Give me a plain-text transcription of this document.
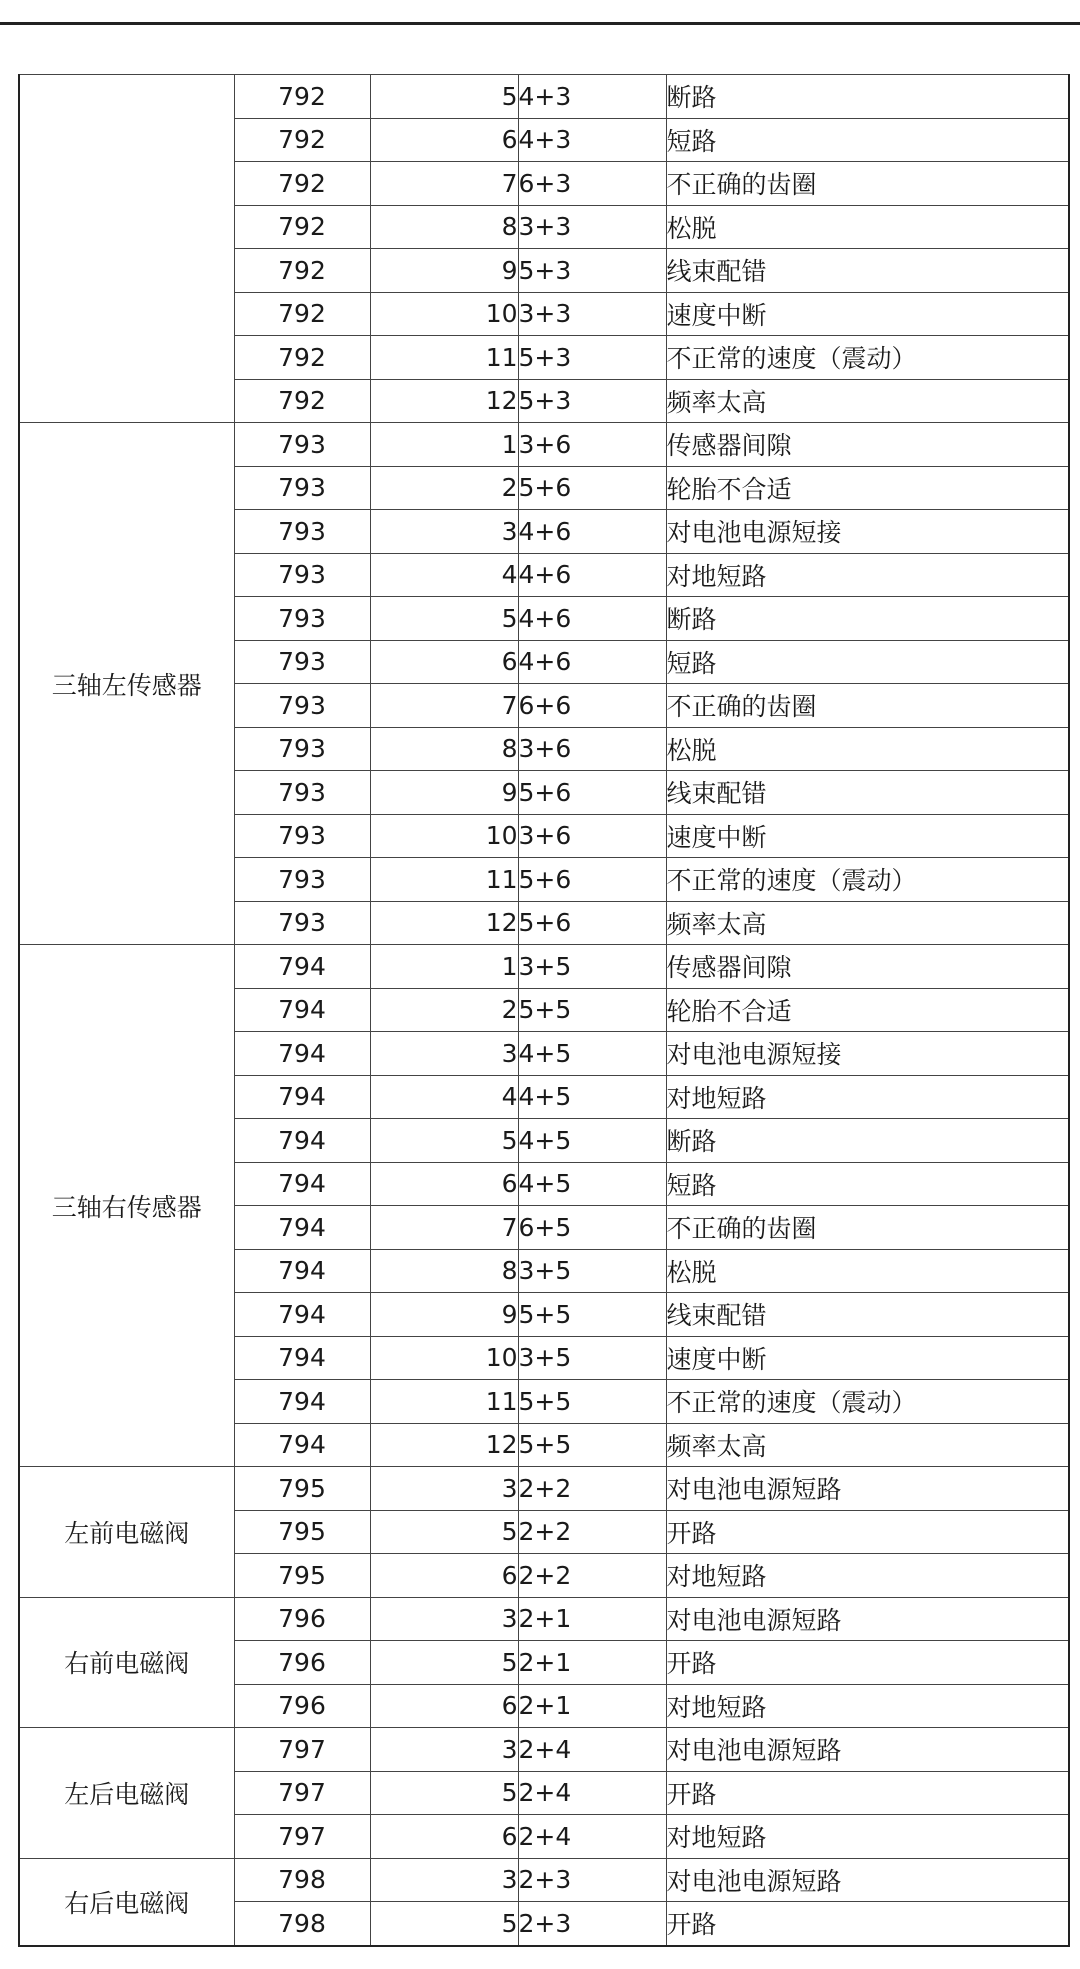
	792	5	4+3	断路
	792	6	4+3	短路
	792	7	6+3	不正确的齿圈
	792	8	3+3	松脱
	792	9	5+3	线束配错
	792	10	3+3	速度中断
	792	11	5+3	不正常的速度（震动）
	792	12	5+3	频率太高
三轴左传感器	793	1	3+6	传感器间隙
	793	2	5+6	轮胎不合适
	793	3	4+6	对电池电源短接
	793	4	4+6	对地短路
	793	5	4+6	断路
	793	6	4+6	短路
	793	7	6+6	不正确的齿圈
	793	8	3+6	松脱
	793	9	5+6	线束配错
	793	10	3+6	速度中断
	793	11	5+6	不正常的速度（震动）
	793	12	5+6	频率太高
三轴右传感器	794	1	3+5	传感器间隙
	794	2	5+5	轮胎不合适
	794	3	4+5	对电池电源短接
	794	4	4+5	对地短路
	794	5	4+5	断路
	794	6	4+5	短路
	794	7	6+5	不正确的齿圈
	794	8	3+5	松脱
	794	9	5+5	线束配错
	794	10	3+5	速度中断
	794	11	5+5	不正常的速度（震动）
	794	12	5+5	频率太高
左前电磁阀	795	3	2+2	对电池电源短路
	795	5	2+2	开路
	795	6	2+2	对地短路
右前电磁阀	796	3	2+1	对电池电源短路
	796	5	2+1	开路
	796	6	2+1	对地短路
左后电磁阀	797	3	2+4	对电池电源短路
	797	5	2+4	开路
	797	6	2+4	对地短路
右后电磁阀	798	3	2+3	对电池电源短路
	798	5	2+3	开路
